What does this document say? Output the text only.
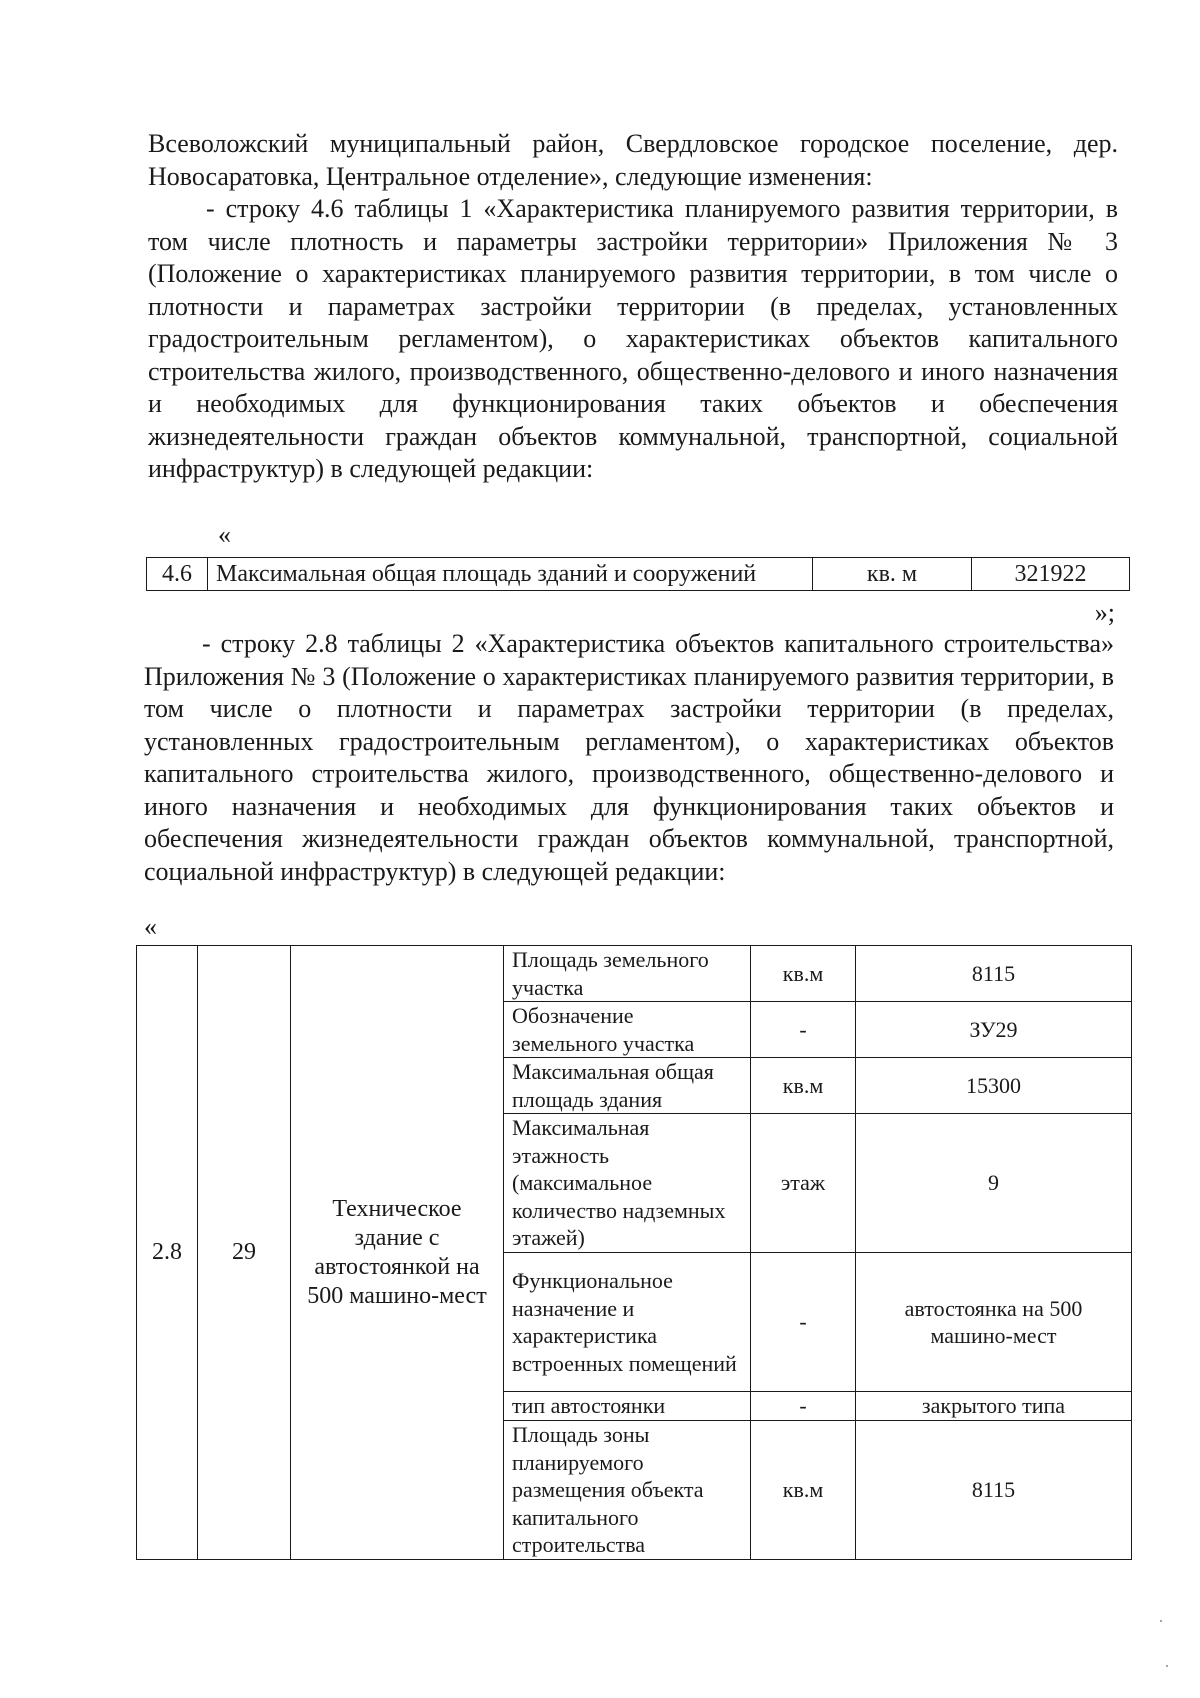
Всеволожский муниципальный район, Свердловское городское поселение, дер. Новосаратовка, Центральное отделение», следующие изменения:

- строку 4.6 таблицы 1 «Характеристика планируемого развития территории, в том числе плотность и параметры застройки территории» Приложения № 3 (Положение о характеристиках планируемого развития территории, в том числе о плотности и параметрах застройки территории (в пределах, установленных градостроительным регламентом), о характеристиках объектов капитального строительства жилого, производственного, общественно-делового и иного назначения и необходимых для функционирования таких объектов и обеспечения жизнедеятельности граждан объектов коммунальной, транспортной, социальной инфраструктур) в следующей редакции:

«
4.6	Максимальная общая площадь зданий и сооружений	кв. м	321922
»;

- строку 2.8 таблицы 2 «Характеристика объектов капитального строительства» Приложения № 3 (Положение о характеристиках планируемого развития территории, в том числе о плотности и параметрах застройки территории (в пределах, установленных градостроительным регламентом), о характеристиках объектов капитального строительства жилого, производственного, общественно-делового и иного назначения и необходимых для функционирования таких объектов и обеспечения жизнедеятельности граждан объектов коммунальной, транспортной, социальной инфраструктур) в следующей редакции:

«
2.8	29	Техническое здание с автостоянкой на 500 машино-мест	Площадь земельного участка	кв.м	8115
			Обозначение земельного участка	-	ЗУ29
			Максимальная общая площадь здания	кв.м	15300
			Максимальная этажность (максимальное количество надземных этажей)	этаж	9
			Функциональное назначение и характеристика встроенных помещений	-	автостоянка на 500 машино-мест
			тип автостоянки	-	закрытого типа
			Площадь зоны планируемого размещения объекта капитального строительства	кв.м	8115
